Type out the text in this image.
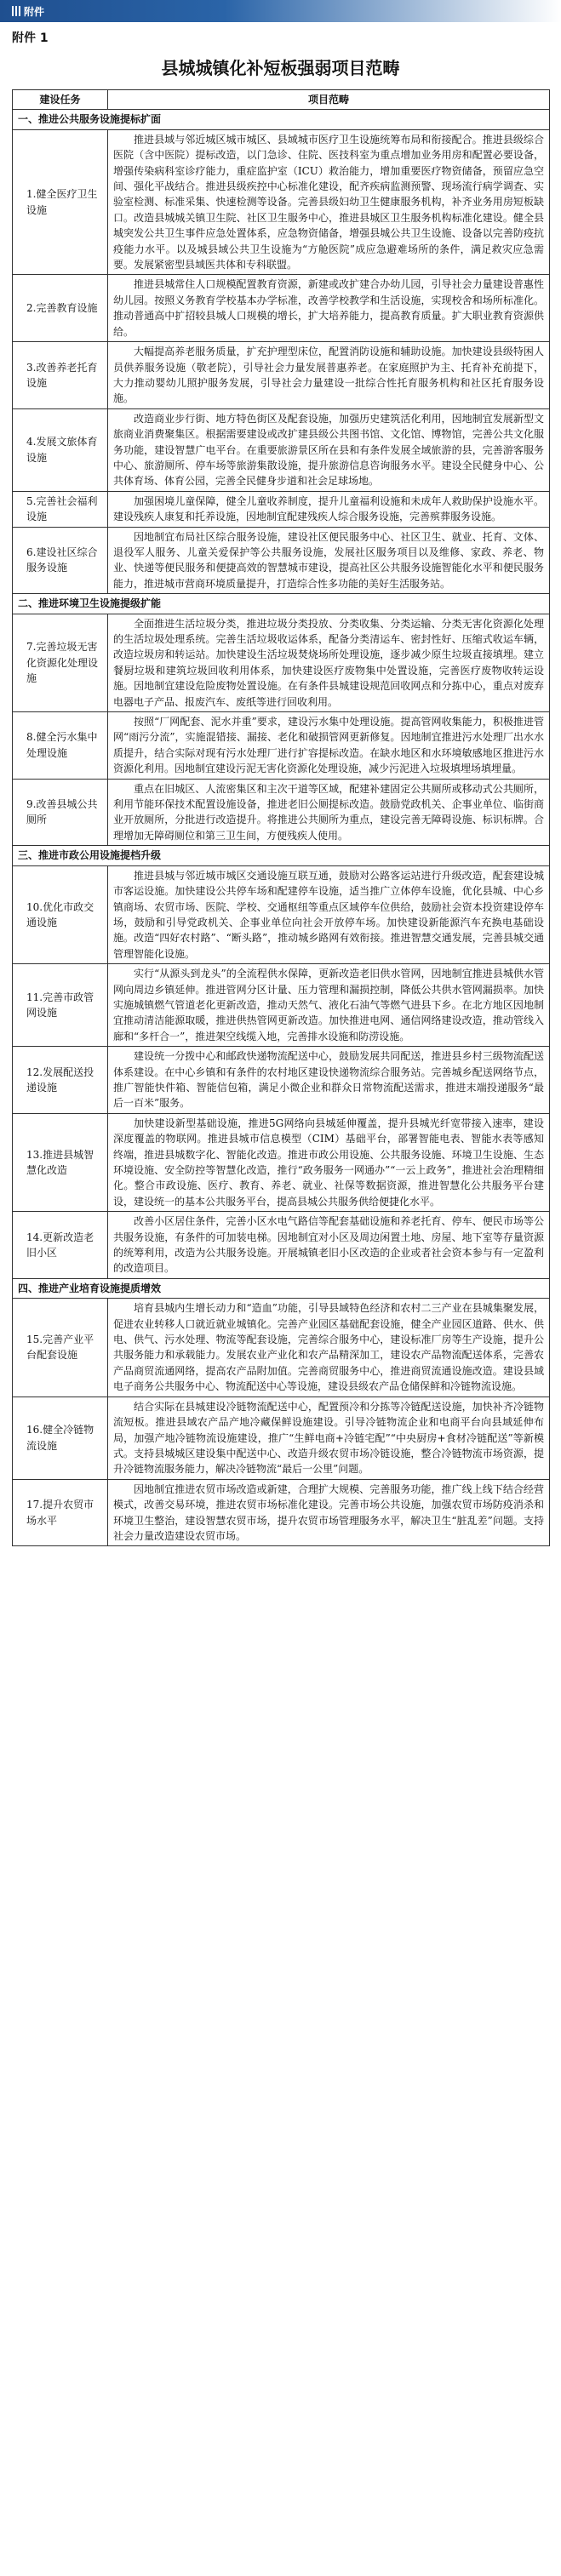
附件
附件 1
县城城镇化补短板强弱项目范畴
建设任务	项目范畴
一、推进公共服务设施提标扩面	
1.健全医疗卫生设施	推进县域与邻近城区城市城区、县域城市医疗卫生设施统筹布局和衔接配合。推进县级综合医院（含中医院）提标改造，以门急诊、住院、医技科室为重点增加业务用房和配置必要设备，增强传染病科室诊疗能力，重症监护室（ICU）救治能力，增加重要医疗物资储备，预留应急空间、强化平战结合。推进县级疾控中心标准化建设，配齐疾病监测预警、现场流行病学调查、实验室检测、标准采集、快速检测等设备。完善县级妇幼卫生健康服务机构，补齐业务用房短板缺口。改造县城城关镇卫生院、社区卫生服务中心，推进县城区卫生服务机构标准化建设。健全县城突发公共卫生事件应急处置体系，应急物资储备，增强县城公共卫生设施、设备以完善防疫抗疫能力水平。以及城县域公共卫生设施为“方舱医院”成应急避难场所的条件，满足救灾应急需要。发展紧密型县域医共体和专科联盟。
2.完善教育设施	推进县城常住人口规模配置教育资源，新建或改扩建合办幼儿园，引导社会力量建设普惠性幼儿园。按照义务教育学校基本办学标准，改善学校教学和生活设施，实现校舍和场所标准化。推动普通高中扩招较县城人口规模的增长，扩大培养能力，提高教育质量。扩大职业教育资源供给。
3.改善养老托育设施	大幅提高养老服务质量，扩充护理型床位，配置消防设施和辅助设施。加快建设县级特困人员供养服务设施（敬老院），引导社会力量发展普惠养老。在家庭照护为主、托育补充前提下，大力推动婴幼儿照护服务发展，引导社会力量建设一批综合性托育服务机构和社区托育服务设施。
4.发展文旅体育设施	改造商业步行街、地方特色街区及配套设施，加强历史建筑活化利用，因地制宜发展新型文旅商业消费聚集区。根据需要建设或改扩建县级公共图书馆、文化馆、博物馆，完善公共文化服务功能，建设智慧广电平台。在重要旅游景区所在县和有条件发展全域旅游的县，完善游客服务中心、旅游厕所、停车场等旅游集散设施，提升旅游信息咨询服务水平。建设全民健身中心、公共体育场、体育公园，完善全民健身步道和社会足球场地。
5.完善社会福利设施	加强困境儿童保障，健全儿童收养制度，提升儿童福利设施和未成年人救助保护设施水平。建设残疾人康复和托养设施，因地制宜配建残疾人综合服务设施，完善殡葬服务设施。
6.建设社区综合服务设施	因地制宜布局社区综合服务设施，建设社区便民服务中心、社区卫生、就业、托育、文体、退役军人服务、儿童关爱保护等公共服务设施，发展社区服务项目以及维修、家政、养老、物业、快递等便民服务和便捷高效的智慧城市建设，提高社区公共服务设施智能化水平和便民服务能力，推进城市营商环境质量提升，打造综合性多功能的美好生活服务站。
二、推进环境卫生设施提级扩能	
7.完善垃圾无害化资源化处理设施	全面推进生活垃圾分类，推进垃圾分类投放、分类收集、分类运输、分类无害化资源化处理的生活垃圾处理系统。完善生活垃圾收运体系，配备分类清运车、密封性好、压缩式收运车辆，改造垃圾房和转运站。加快建设生活垃圾焚烧场所处理设施，逐步减少原生垃圾直接填埋。建立餐厨垃圾和建筑垃圾回收利用体系，加快建设医疗废物集中处置设施，完善医疗废物收转运设施。因地制宜建设危险废物处置设施。在有条件县城建设规范回收网点和分拣中心，重点对废弃电器电子产品、报废汽车、废纸等进行回收利用。
8.健全污水集中处理设施	按照“厂网配套、泥水并重”要求，建设污水集中处理设施。提高管网收集能力，积极推进管网“雨污分流”，实施混错接、漏接、老化和破损管网更新修复。因地制宜推进污水处理厂出水水质提升，结合实际对现有污水处理厂进行扩容提标改造。在缺水地区和水环境敏感地区推进污水资源化利用。因地制宜建设污泥无害化资源化处理设施，减少污泥进入垃圾填埋场填埋量。
9.改善县城公共厕所	重点在旧城区、人流密集区和主次干道等区域，配建补建固定公共厕所或移动式公共厕所，利用节能环保技术配置设施设备，推进老旧公厕提标改造。鼓励党政机关、企事业单位、临街商业开放厕所，分批进行改造提升。将推进公共厕所为重点，建设完善无障碍设施、标识标牌。合理增加无障碍厕位和第三卫生间，方便残疾人使用。
三、推进市政公用设施提档升级	
10.优化市政交通设施	推进县城与邻近城市城区交通设施互联互通，鼓励对公路客运站进行升级改造，配套建设城市客运设施。加快建设公共停车场和配建停车设施，适当推广立体停车设施，优化县城、中心乡镇商场、农贸市场、医院、学校、交通枢纽等重点区域停车位供给，鼓励社会资本投资建设停车场，鼓励和引导党政机关、企事业单位向社会开放停车场。加快建设新能源汽车充换电基础设施。改造“四好农村路”、“断头路”，推动城乡路网有效衔接。推进智慧交通发展，完善县城交通管理智能化设施。
11.完善市政管网设施	实行“从源头到龙头”的全流程供水保障，更新改造老旧供水管网，因地制宜推进县城供水管网向周边乡镇延伸。推进管网分区计量、压力管理和漏损控制，降低公共供水管网漏损率。加快实施城镇燃气管道老化更新改造，推动天然气、液化石油气等燃气进县下乡。在北方地区因地制宜推动清洁能源取暖，推进供热管网更新改造。加快推进电网、通信网络建设改造，推动管线入廊和“多杆合一”，推进架空线缆入地，完善排水设施和防涝设施。
12.发展配送投递设施	建设统一分拨中心和邮政快递物流配送中心，鼓励发展共同配送，推进县乡村三级物流配送体系建设。在中心乡镇和有条件的农村地区建设快递物流综合服务站。完善城乡配送网络节点，推广智能快件箱、智能信包箱，满足小微企业和群众日常物流配送需求，推进末端投递服务“最后一百米”服务。
13.推进县城智慧化改造	加快建设新型基础设施，推进5G网络向县城延伸覆盖，提升县城光纤宽带接入速率，建设深度覆盖的物联网。推进县城市信息模型（CIM）基础平台，部署智能电表、智能水表等感知终端，推进县城数字化、智能化改造。推进市政公用设施、公共服务设施、环境卫生设施、生态环境设施、安全防控等智慧化改造，推行“政务服务一网通办”“一云上政务”，推进社会治理精细化。整合市政设施、医疗、教育、养老、就业、社保等数据资源，推进智慧化公共服务平台建设，建设统一的基本公共服务平台，提高县城公共服务供给便捷化水平。
14.更新改造老旧小区	改善小区居住条件，完善小区水电气路信等配套基础设施和养老托育、停车、便民市场等公共服务设施，有条件的可加装电梯。因地制宜对小区及周边闲置土地、房屋、地下室等存量资源的统筹利用，改造为公共服务设施。开展城镇老旧小区改造的企业或者社会资本参与有一定盈利的改造项目。
四、推进产业培育设施提质增效	
15.完善产业平台配套设施	培育县城内生增长动力和“造血”功能，引导县域特色经济和农村二三产业在县城集聚发展，促进农业转移人口就近就业城镇化。完善产业园区基础配套设施，健全产业园区道路、供水、供电、供气、污水处理、物流等配套设施，完善综合服务中心，建设标准厂房等生产设施，提升公共服务能力和承载能力。发展农业产业化和农产品精深加工，建设农产品物流配送体系，完善农产品商贸流通网络，提高农产品附加值。完善商贸服务中心，推进商贸流通设施改造。建设县域电子商务公共服务中心、物流配送中心等设施，建设县级农产品仓储保鲜和冷链物流设施。
16.健全冷链物流设施	结合实际在县城建设冷链物流配送中心，配置预冷和分拣等冷链配送设施，加快补齐冷链物流短板。推进县域农产品产地冷藏保鲜设施建设。引导冷链物流企业和电商平台向县域延伸布局，加强产地冷链物流设施建设，推广“生鲜电商+冷链宅配”“中央厨房+食材冷链配送”等新模式。支持县城城区建设集中配送中心、改造升级农贸市场冷链设施，整合冷链物流市场资源，提升冷链物流服务能力，解决冷链物流“最后一公里”问题。
17.提升农贸市场水平	因地制宜推进农贸市场改造或新建，合理扩大规模、完善服务功能，推广线上线下结合经营模式，改善交易环境，推进农贸市场标准化建设。完善市场公共设施，加强农贸市场防疫消杀和环境卫生整治，建设智慧农贸市场，提升农贸市场管理服务水平，解决卫生“脏乱差”问题。支持社会力量改造建设农贸市场。
